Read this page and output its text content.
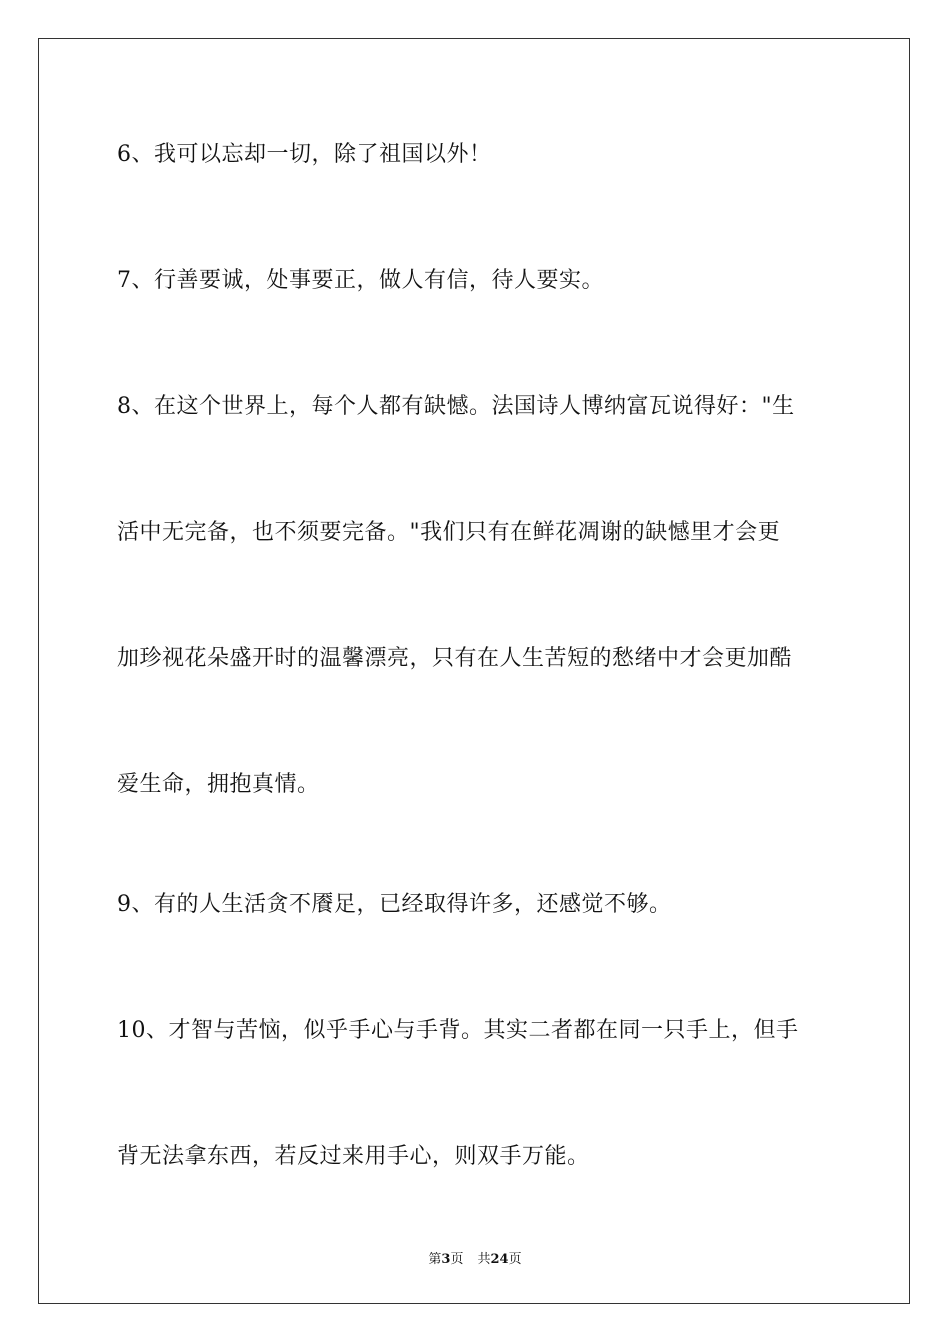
6、我可以忘却一切，除了祖国以外！
7、行善要诚，处事要正，做人有信，待人要实。
8、在这个世界上，每个人都有缺憾。法国诗人博纳富瓦说得好："生
活中无完备，也不须要完备。"我们只有在鲜花凋谢的缺憾里才会更
加珍视花朵盛开时的温馨漂亮，只有在人生苦短的愁绪中才会更加酷
爱生命，拥抱真情。
9、有的人生活贪不餍足，已经取得许多，还感觉不够。
10、才智与苦恼，似乎手心与手背。其实二者都在同一只手上，但手
背无法拿东西，若反过来用手心，则双手万能。
第3页 共24页
